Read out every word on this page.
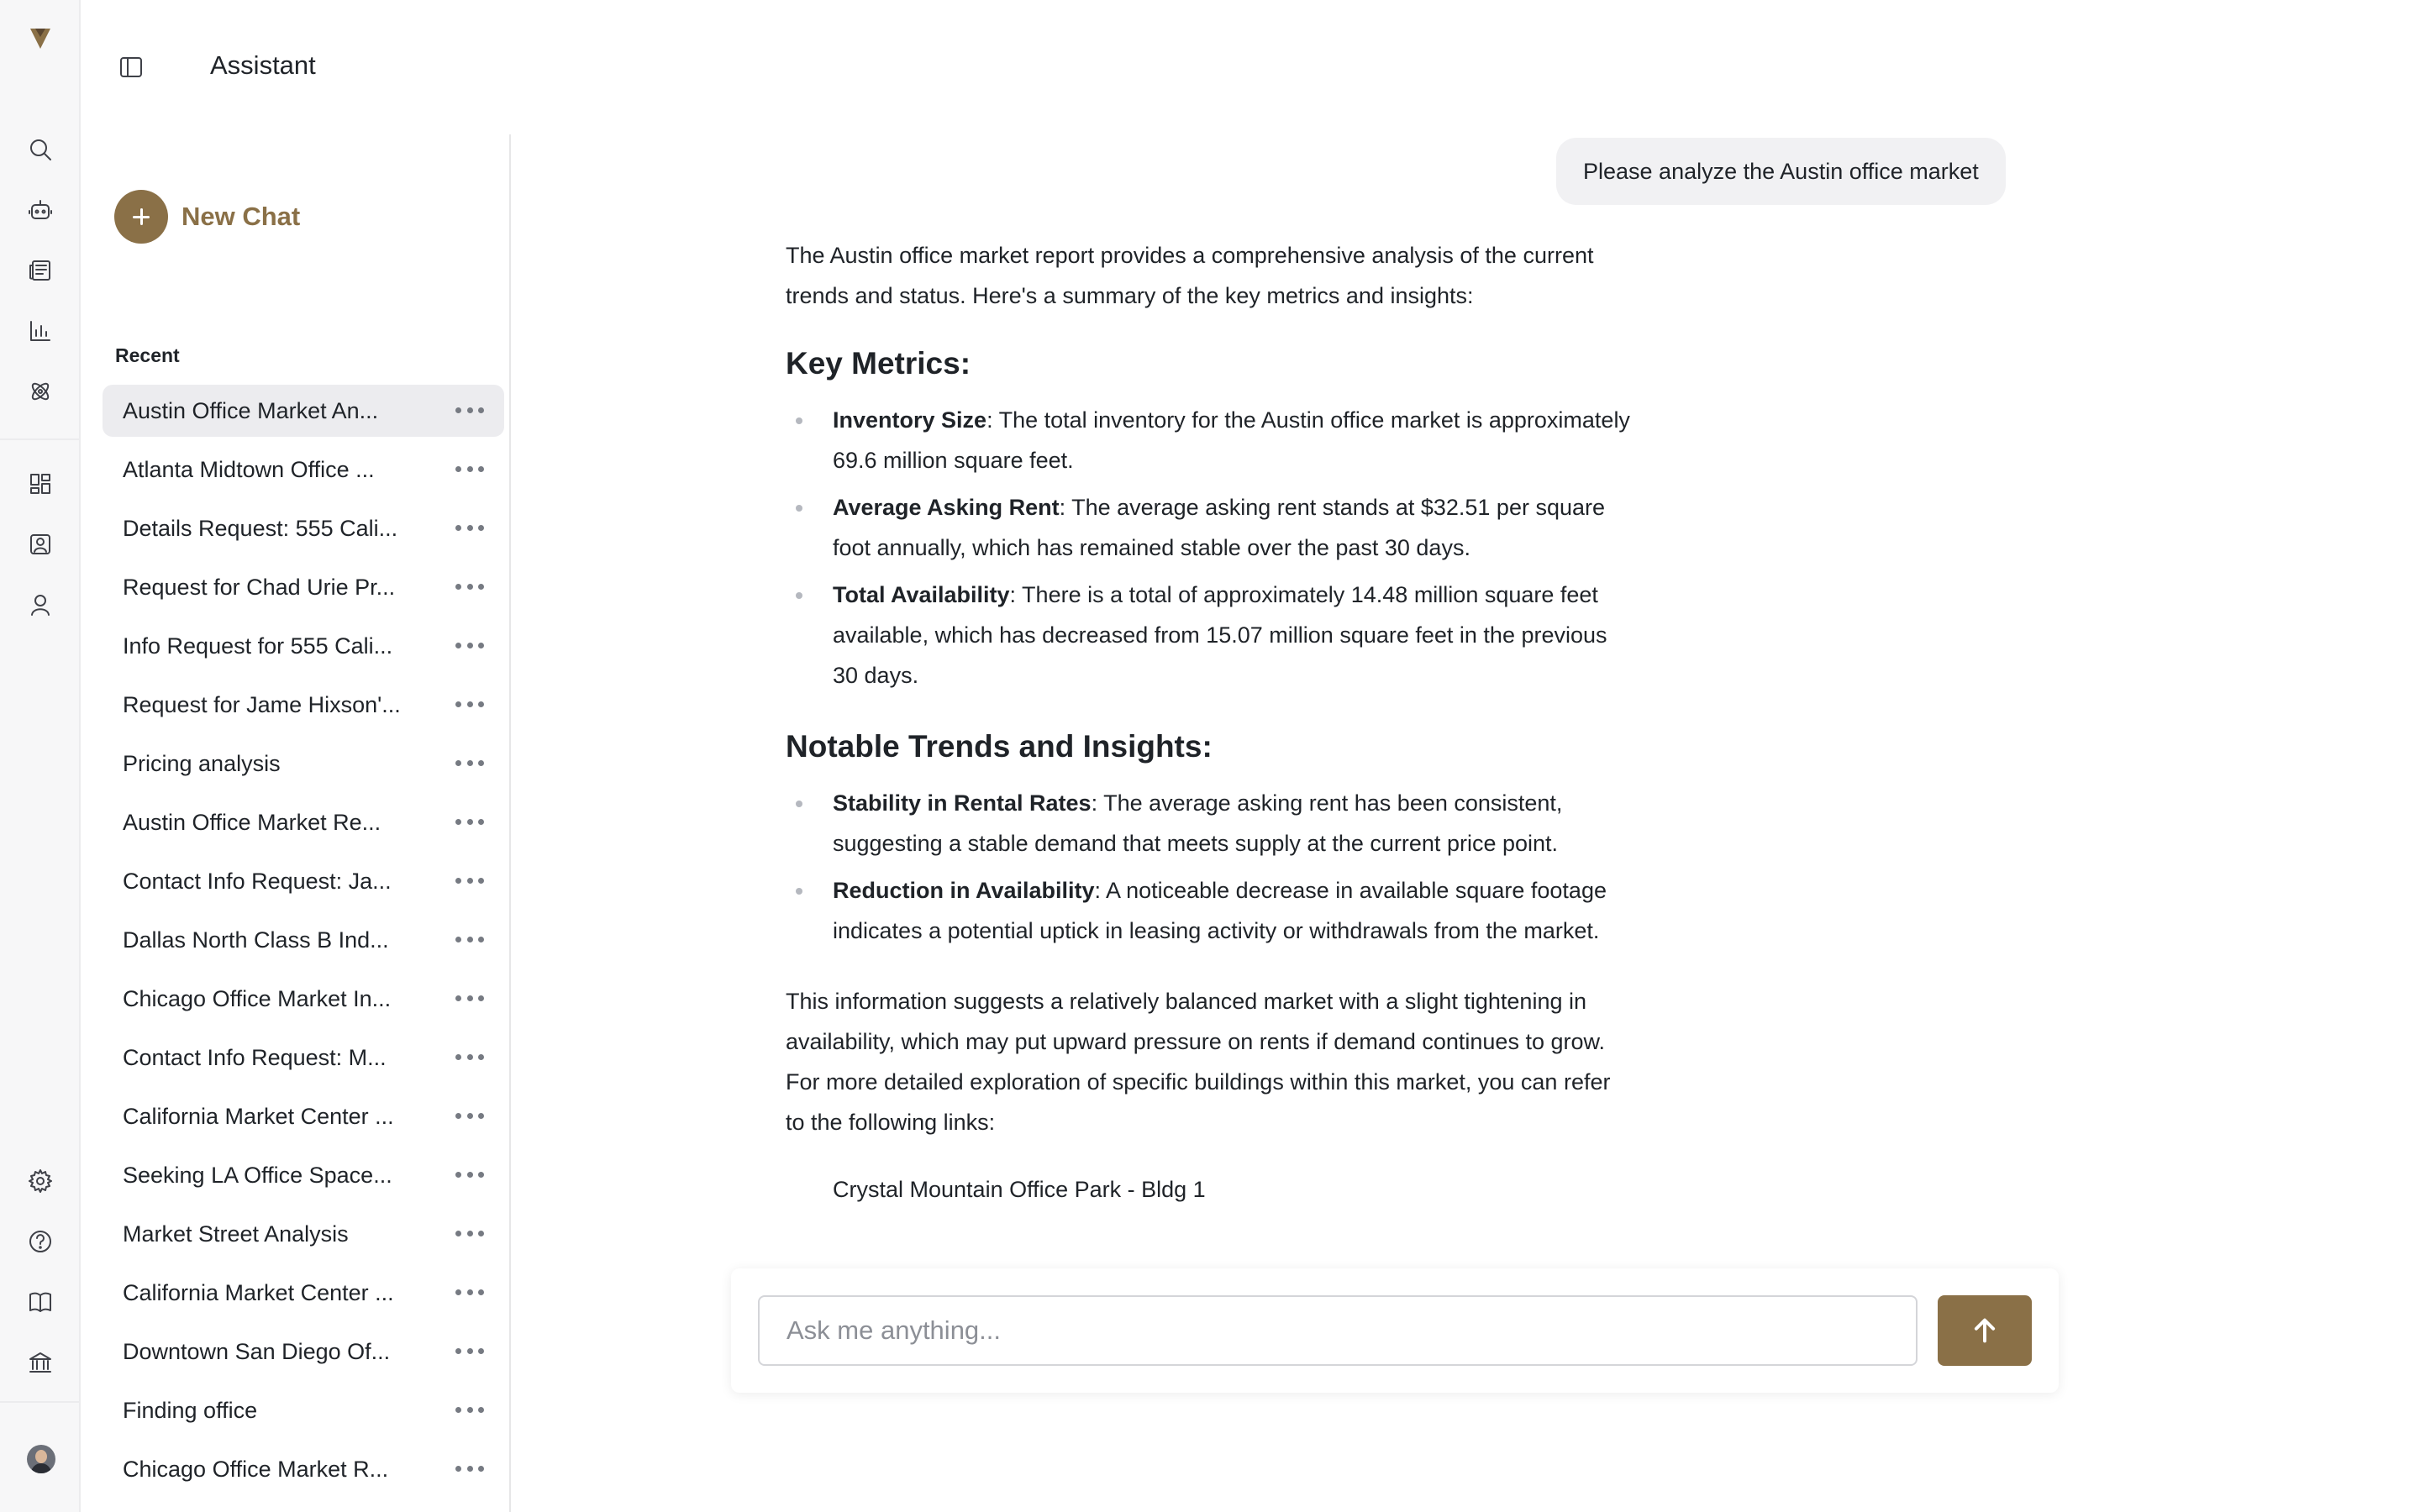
Assistant
New Chat
Recent
Austin Office Market An...
Atlanta Midtown Office ...
Details Request: 555 Cali...
Request for Chad Urie Pr...
Info Request for 555 Cali...
Request for Jame Hixson'...
Pricing analysis
Austin Office Market Re...
Contact Info Request: Ja...
Dallas North Class B Ind...
Chicago Office Market In...
Contact Info Request: M...
California Market Center ...
Seeking LA Office Space...
Market Street Analysis
California Market Center ...
Downtown San Diego Of...
Finding office
Chicago Office Market R...
Please analyze the Austin office market

The Austin office market report provides a comprehensive analysis of the current trends and status. Here's a summary of the key metrics and insights:

Key Metrics:
Inventory Size: The total inventory for the Austin office market is approximately 69.6 million square feet.
Average Asking Rent: The average asking rent stands at $32.51 per square foot annually, which has remained stable over the past 30 days.
Total Availability: There is a total of approximately 14.48 million square feet available, which has decreased from 15.07 million square feet in the previous 30 days.
Notable Trends and Insights:
Stability in Rental Rates: The average asking rent has been consistent, suggesting a stable demand that meets supply at the current price point.
Reduction in Availability: A noticeable decrease in available square footage indicates a potential uptick in leasing activity or withdrawals from the market.

This information suggests a relatively balanced market with a slight tightening in availability, which may put upward pressure on rents if demand continues to grow. For more detailed exploration of specific buildings within this market, you can refer to the following links:

Crystal Mountain Office Park - Bldg 1
Ask me anything...
